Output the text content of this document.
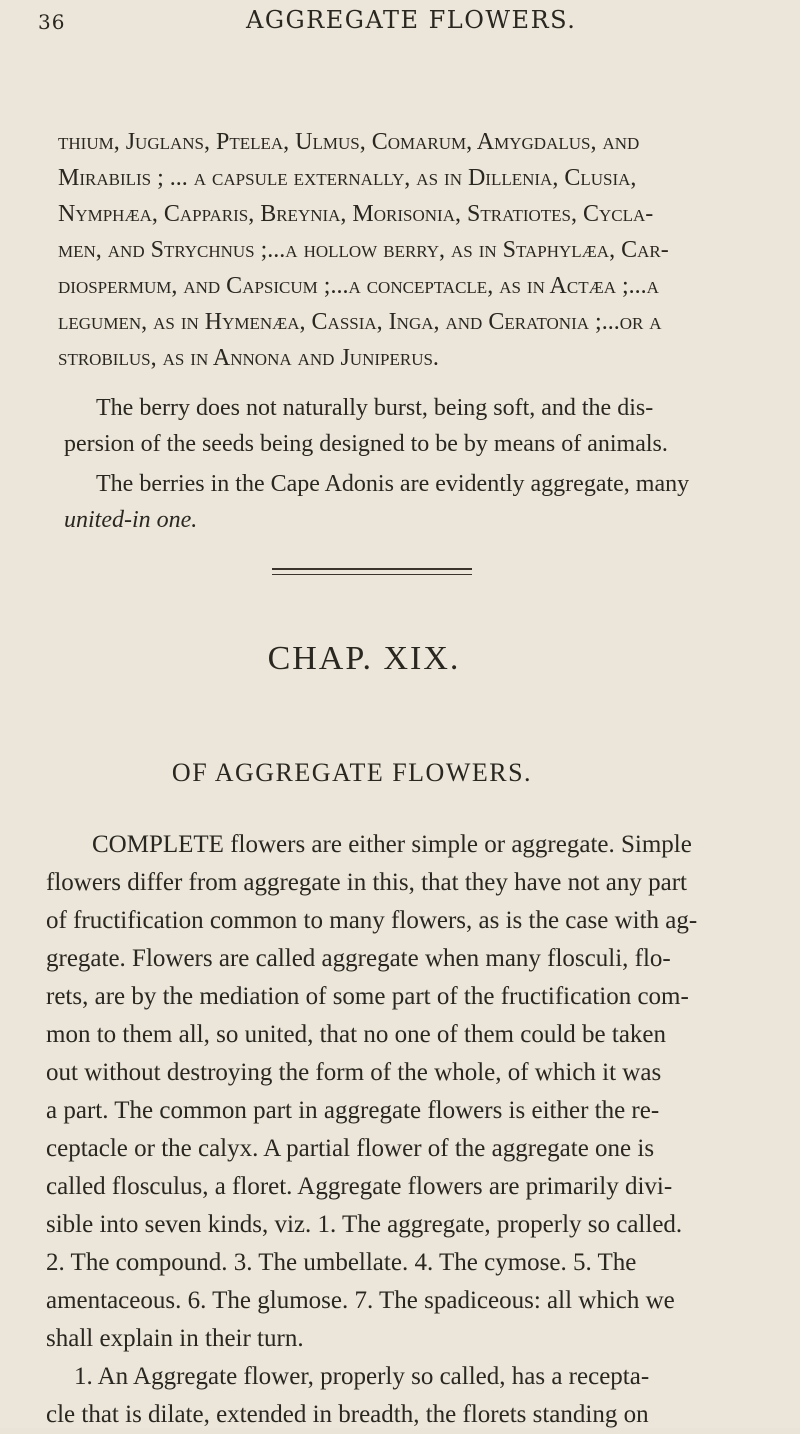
36	AGGREGATE FLOWERS.

thium, Juglans, Ptelea, Ulmus, Comarum, Amygdalus, and

Mirabilis ; ... a capsule externally, as in Dillenia, Clusia,

Nymphæa, Capparis, Breynia, Morisonia, Stratiotes, Cycla-

men, and Strychnus ;...a hollow berry, as in Staphylæa, Car-

diospermum, and Capsicum ;...a conceptacle, as in Actæa ;...a

legumen, as in Hymenæa, Cassia, Inga, and Ceratonia ;...or a

strobilus, as in Annona and Juniperus.

The berry does not naturally burst, being soft, and the dis-

persion of the seeds being designed to be by means of animals.

The berries in the Cape Adonis are evidently aggregate, many

united-in one.

CHAP. XIX.
OF AGGREGATE FLOWERS.

COMPLETE flowers are either simple or aggregate. Simple

flowers differ from aggregate in this, that they have not any part

of fructification common to many flowers, as is the case with ag-

gregate. Flowers are called aggregate when many flosculi, flo-

rets, are by the mediation of some part of the fructification com-

mon to them all, so united, that no one of them could be taken

out without destroying the form of the whole, of which it was

a part. The common part in aggregate flowers is either the re-

ceptacle or the calyx. A partial flower of the aggregate one is

called flosculus, a floret. Aggregate flowers are primarily divi-

sible into seven kinds, viz. 1. The aggregate, properly so called.

2. The compound. 3. The umbellate. 4. The cymose. 5. The

amentaceous. 6. The glumose. 7. The spadiceous: all which we

shall explain in their turn.

1. An Aggregate flower, properly so called, has a recepta-

cle that is dilate, extended in breadth, the florets standing on
